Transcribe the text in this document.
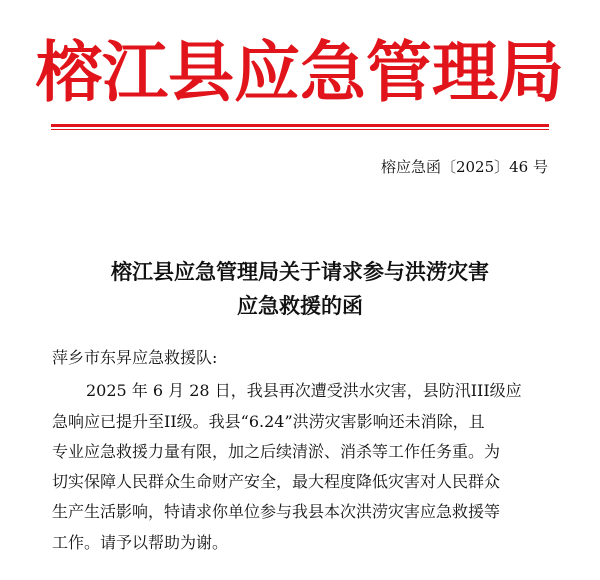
榕江县应急管理局
榕应急函〔2025〕46 号
榕江县应急管理局关于请求参与洪涝灾害
应急救援的函
萍乡市东昇应急救援队:
2025 年 6 月 28 日，我县再次遭受洪水灾害，县防汛III级应
急响应已提升至II级。我县“6.24”洪涝灾害影响还未消除，且
专业应急救援力量有限，加之后续清淤、消杀等工作任务重。为
切实保障人民群众生命财产安全，最大程度降低灾害对人民群众
生产生活影响，特请求你单位参与我县本次洪涝灾害应急救援等
工作。请予以帮助为谢。
